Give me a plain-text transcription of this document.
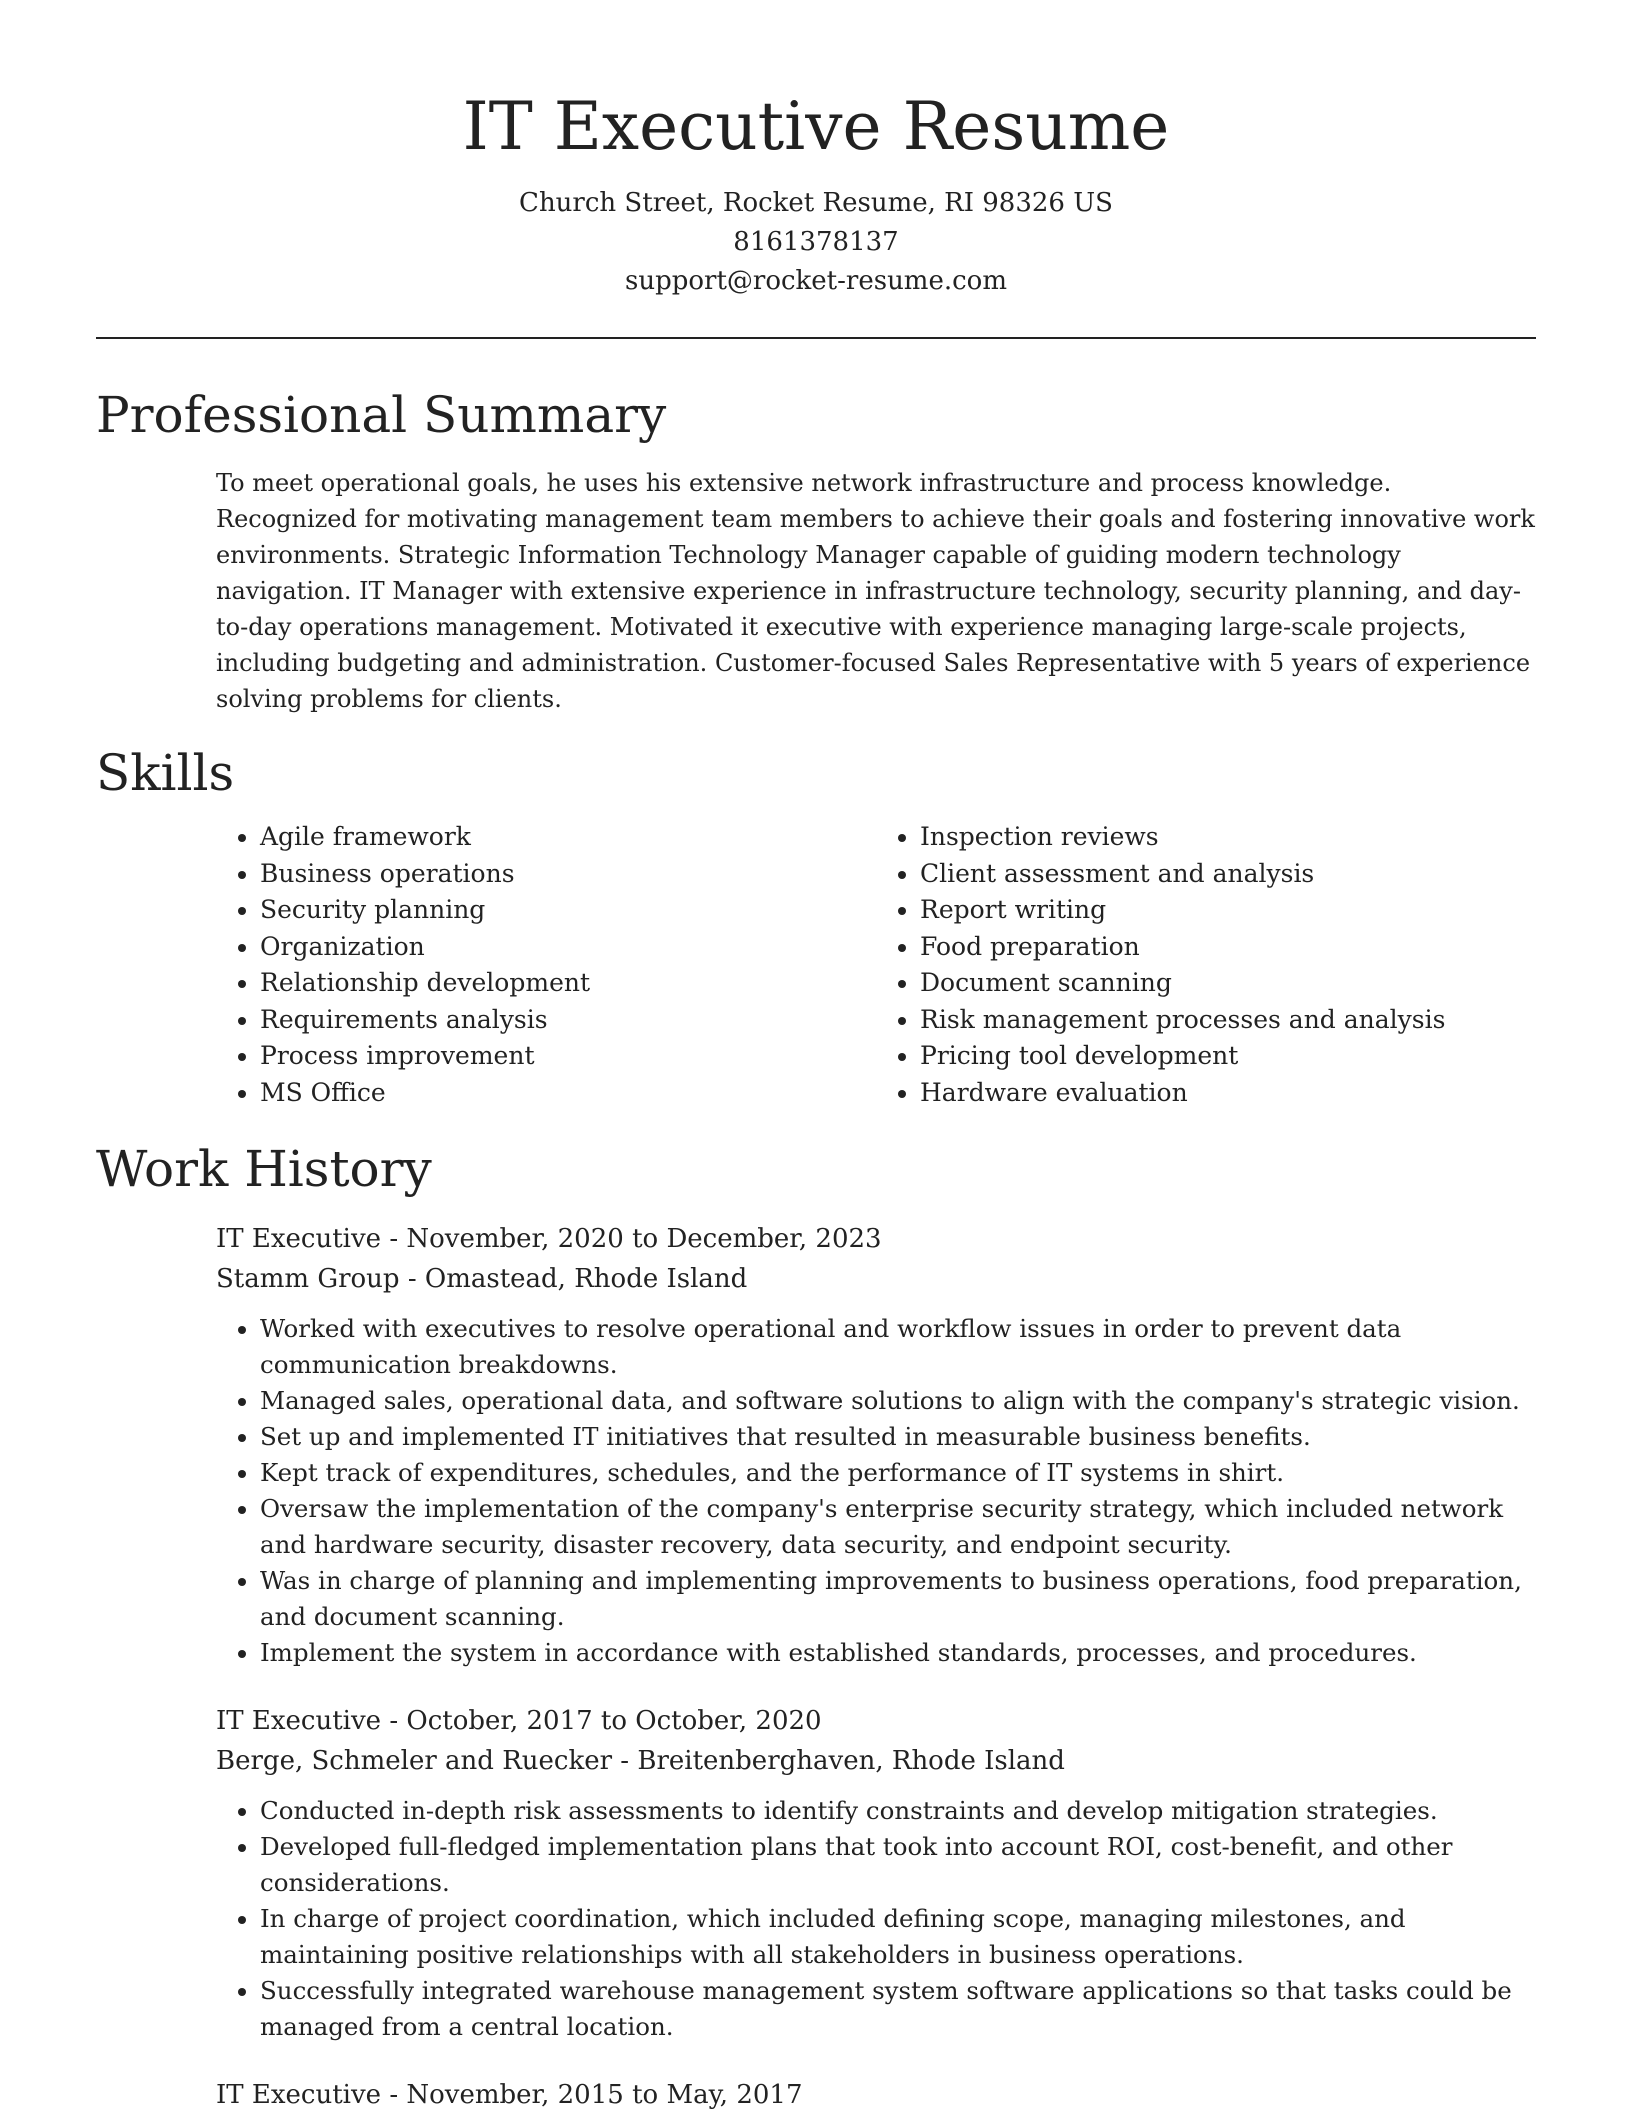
IT Executive Resume
Church Street, Rocket Resume, RI 98326 US
8161378137
support@rocket-resume.com
Professional Summary

To meet operational goals, he uses his extensive network infrastructure and process knowledge. Recognized for motivating management team members to achieve their goals and fostering innovative work environments. Strategic Information Technology Manager capable of guiding modern technology navigation. IT Manager with extensive experience in infrastructure technology, security planning, and day-to-day operations management. Motivated it executive with experience managing large-scale projects, including budgeting and administration. Customer-focused Sales Representative with 5 years of experience solving problems for clients.

Skills
• Agile framework
• Business operations
• Security planning
• Organization
• Relationship development
• Requirements analysis
• Process improvement
• MS Office
• Inspection reviews
• Client assessment and analysis
• Report writing
• Food preparation
• Document scanning
• Risk management processes and analysis
• Pricing tool development
• Hardware evaluation
Work History
IT Executive - November, 2020 to December, 2023
Stamm Group - Omastead, Rhode Island
• Worked with executives to resolve operational and workflow issues in order to prevent data communication breakdowns.
• Managed sales, operational data, and software solutions to align with the company's strategic vision.
• Set up and implemented IT initiatives that resulted in measurable business benefits.
• Kept track of expenditures, schedules, and the performance of IT systems in shirt.
• Oversaw the implementation of the company's enterprise security strategy, which included network and hardware security, disaster recovery, data security, and endpoint security.
• Was in charge of planning and implementing improvements to business operations, food preparation, and document scanning.
• Implement the system in accordance with established standards, processes, and procedures.
IT Executive - October, 2017 to October, 2020
Berge, Schmeler and Ruecker - Breitenberghaven, Rhode Island
• Conducted in-depth risk assessments to identify constraints and develop mitigation strategies.
• Developed full-fledged implementation plans that took into account ROI, cost-benefit, and other considerations.
• In charge of project coordination, which included defining scope, managing milestones, and maintaining positive relationships with all stakeholders in business operations.
• Successfully integrated warehouse management system software applications so that tasks could be managed from a central location.
IT Executive - November, 2015 to May, 2017
